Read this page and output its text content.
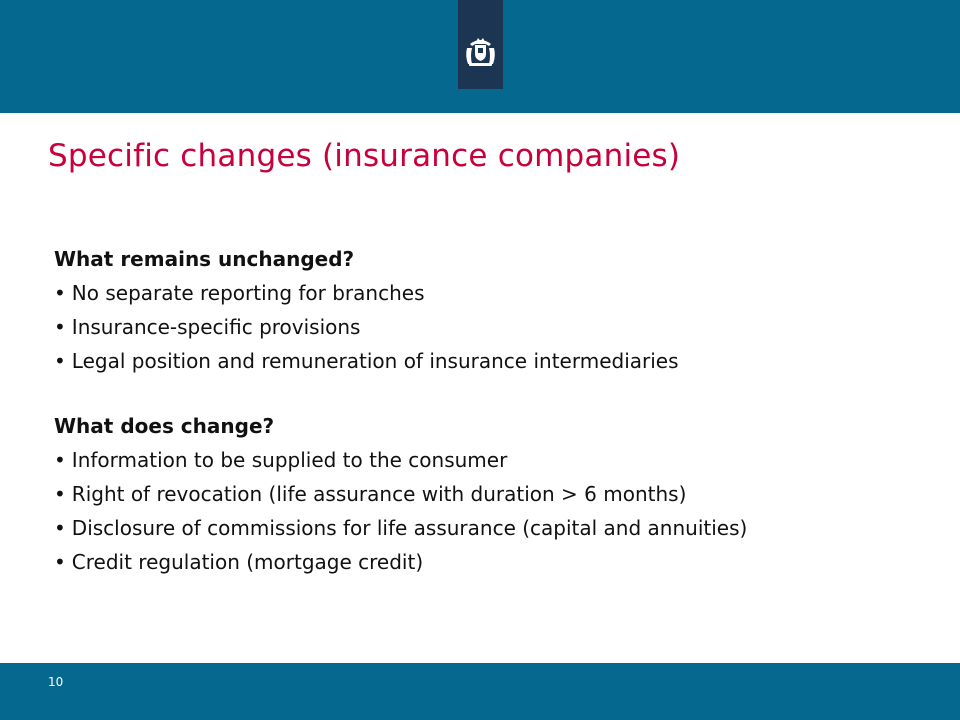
Specific changes (insurance companies)
What remains unchanged?
• No separate reporting for branches
• Insurance-specific provisions
• Legal position and remuneration of insurance intermediaries
What does change?
• Information to be supplied to the consumer
• Right of revocation (life assurance with duration > 6 months)
• Disclosure of commissions for life assurance (capital and annuities)
• Credit regulation (mortgage credit)
10
